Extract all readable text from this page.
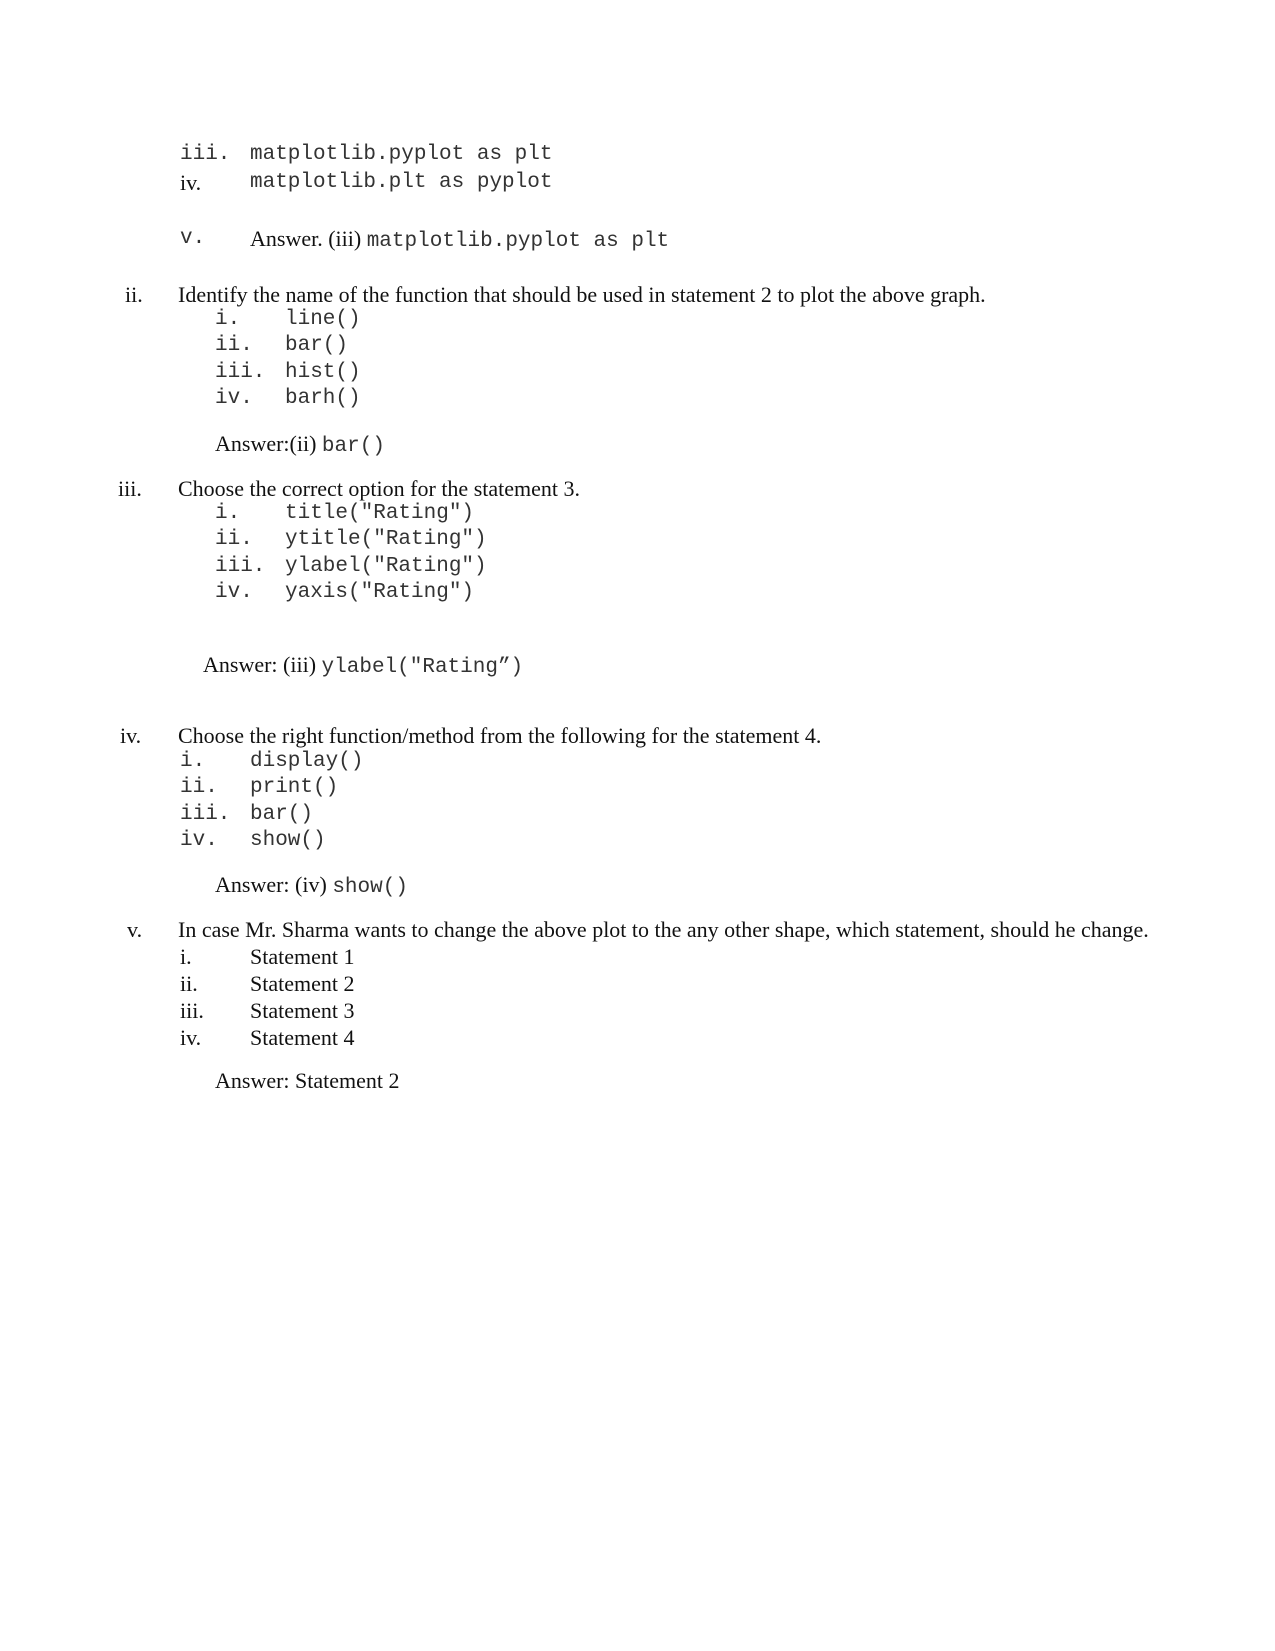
iii. matplotlib.pyplot as plt
iv. matplotlib.plt as pyplot
v. Answer. (iii) matplotlib.pyplot as plt
ii. Identify the name of the function that should be used in statement 2 to plot the above graph.
i. line()
ii. bar()
iii. hist()
iv. barh()
Answer:(ii) bar()
iii. Choose the correct option for the statement 3.
i. title("Rating")
ii. ytitle("Rating")
iii. ylabel("Rating")
iv. yaxis("Rating")
Answer: (iii) ylabel("Rating”)
iv. Choose the right function/method from the following for the statement 4.
i. display()
ii. print()
iii. bar()
iv. show()
Answer: (iv) show()
v. In case Mr. Sharma wants to change the above plot to the any other shape, which statement, should he change.
i.	Statement 1
ii. Statement 2
iii. Statement 3
iv. Statement 4
Answer: Statement 2
